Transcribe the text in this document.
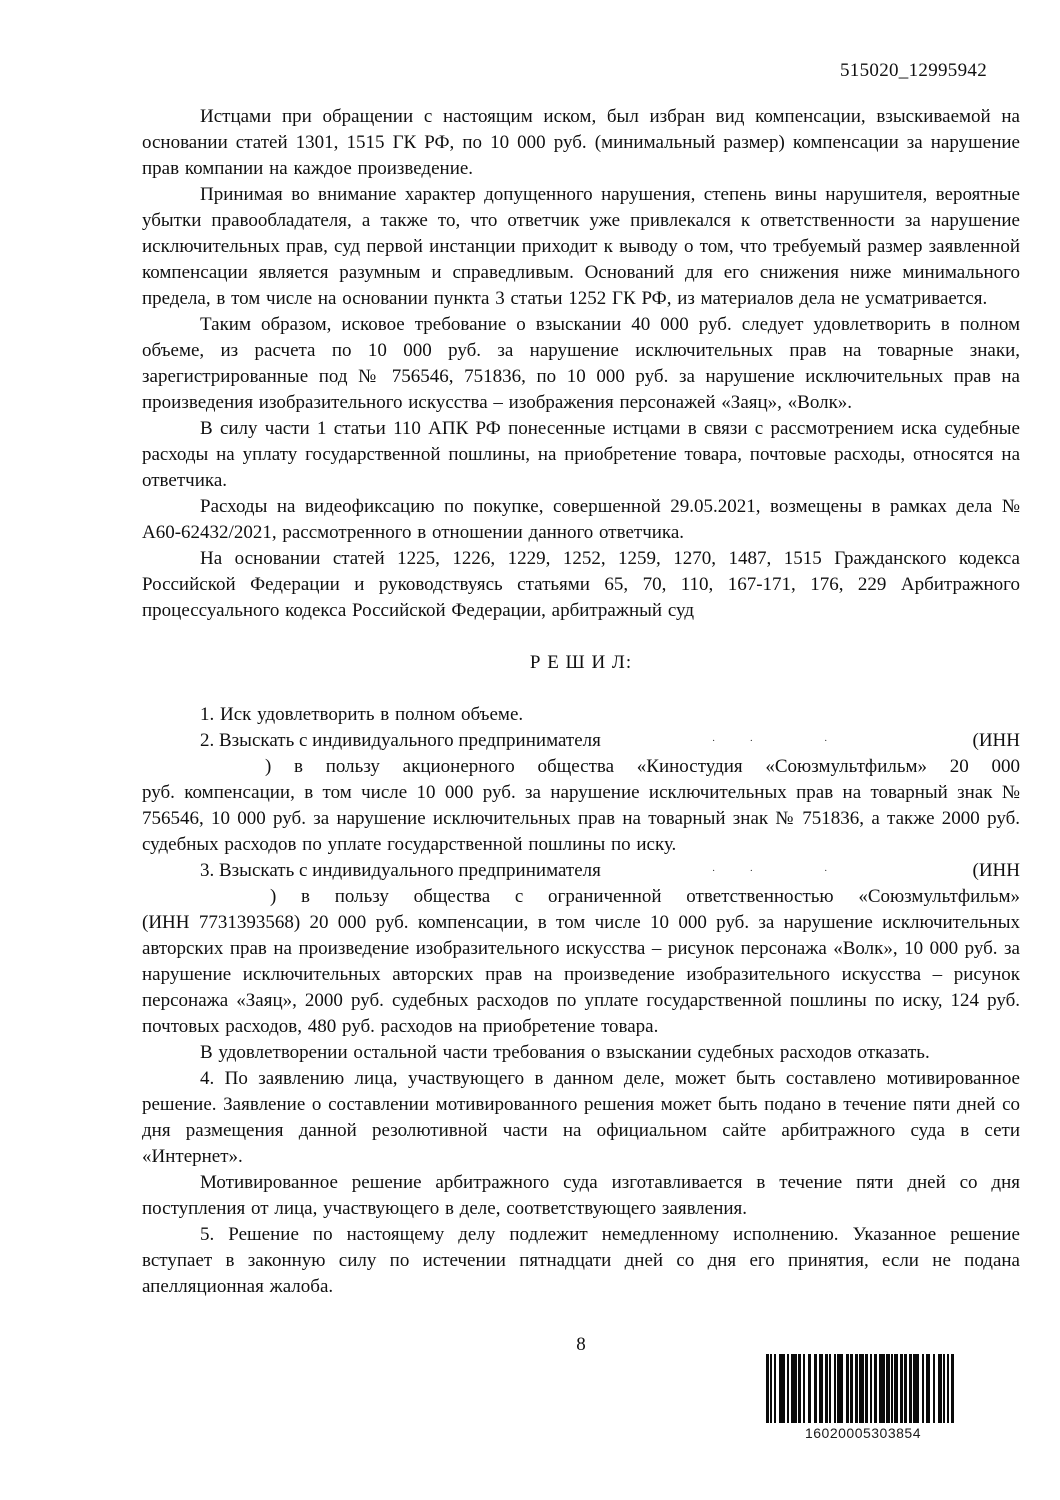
515020_12995942

Истцами при обращении с настоящим иском, был избран вид компенсации, взыскиваемой на основании статей 1301, 1515 ГК РФ, по 10 000 руб. (минимальный размер) компенсации за нарушение прав компании на каждое произведение.

Принимая во внимание характер допущенного нарушения, степень вины нарушителя, вероятные убытки правообладателя, а также то, что ответчик уже привлекался к ответственности за нарушение исключительных прав, суд первой инстанции приходит к выводу о том, что требуемый размер заявленной компенсации является разумным и справедливым. Оснований для его снижения ниже минимального предела, в том числе на основании пункта 3 статьи 1252 ГК РФ, из материалов дела не усматривается.

Таким образом, исковое требование о взыскании 40 000 руб. следует удовлетворить в полном объеме, из расчета по 10 000 руб. за нарушение исключительных прав на товарные знаки, зарегистрированные под № 756546, 751836, по 10 000 руб. за нарушение исключительных прав на произведения изобразительного искусства – изображения персонажей «Заяц», «Волк».

В силу части 1 статьи 110 АПК РФ понесенные истцами в связи с рассмотрением иска судебные расходы на уплату государственной пошлины, на приобретение товара, почтовые расходы, относятся на ответчика.

Расходы на видеофиксацию по покупке, совершенной 29.05.2021, возмещены в рамках дела № А60-62432/2021, рассмотренного в отношении данного ответчика.

На основании статей 1225, 1226, 1229, 1252, 1259, 1270, 1487, 1515 Гражданского кодекса Российской Федерации и руководствуясь статьями 65, 70, 110, 167-171, 176, 229 Арбитражного процессуального кодекса Российской Федерации, арбитражный суд

Р Е Ш И Л:

1. Иск удовлетворить в полном объеме.

2. Взыскать с индивидуального предпринимателя	·· ·	(ИНН
) в пользу акционерного общества «Киностудия «Союзмультфильм» 20 000

руб. компенсации, в том числе 10 000 руб. за нарушение исключительных прав на товарный знак № 756546, 10 000 руб. за нарушение исключительных прав на товарный знак № 751836, а также 2000 руб. судебных расходов по уплате государственной пошлины по иску.

3. Взыскать с индивидуального предпринимателя	·· ·	(ИНН
) в пользу общества с ограниченной ответственностью «Союзмультфильм»

(ИНН 7731393568) 20 000 руб. компенсации, в том числе 10 000 руб. за нарушение исключительных авторских прав на произведение изобразительного искусства – рисунок персонажа «Волк», 10 000 руб. за нарушение исключительных авторских прав на произведение изобразительного искусства – рисунок персонажа «Заяц», 2000 руб. судебных расходов по уплате государственной пошлины по иску, 124 руб. почтовых расходов, 480 руб. расходов на приобретение товара.

В удовлетворении остальной части требования о взыскании судебных расходов отказать.

4. По заявлению лица, участвующего в данном деле, может быть составлено мотивированное решение. Заявление о составлении мотивированного решения может быть подано в течение пяти дней со дня размещения данной резолютивной части на официальном сайте арбитражного суда в сети «Интернет».

Мотивированное решение арбитражного суда изготавливается в течение пяти дней со дня поступления от лица, участвующего в деле, соответствующего заявления.

5. Решение по настоящему делу подлежит немедленному исполнению. Указанное решение вступает в законную силу по истечении пятнадцати дней со дня его принятия, если не подана апелляционная жалоба.

8
16020005303854
